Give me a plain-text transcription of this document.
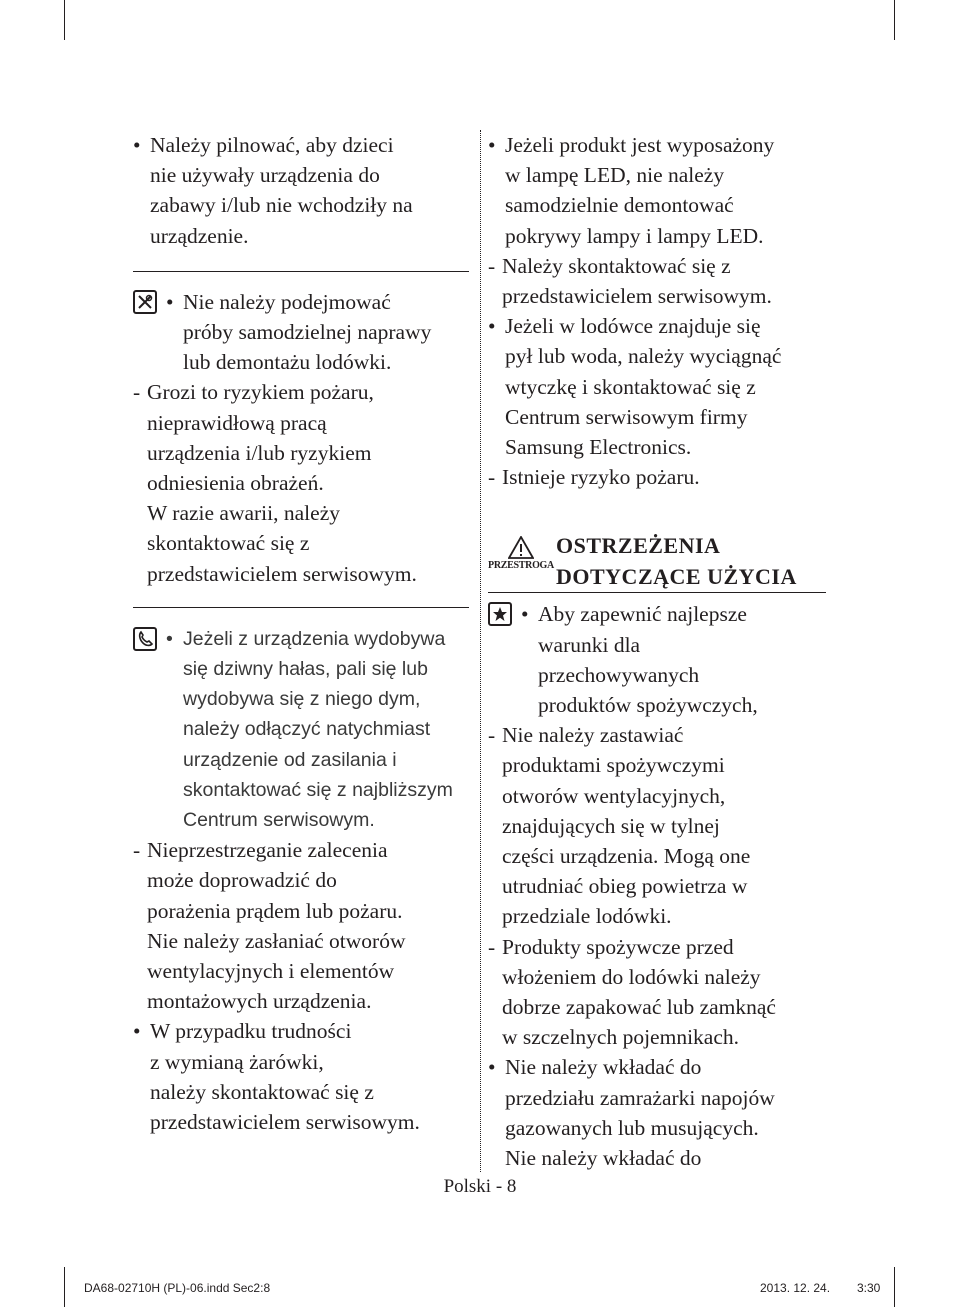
• Należy pilnować, aby dzieci
nie używały urządzenia do
zabawy i/lub nie wchodziły na
urządzenie.
• Nie należy podejmować
próby samodzielnej naprawy
lub demontażu lodówki.
- Grozi to ryzykiem pożaru,
nieprawidłową pracą
urządzenia i/lub ryzykiem
odniesienia obrażeń.
W razie awarii, należy
skontaktować się z
przedstawicielem serwisowym.
• Jeżeli z urządzenia wydobywa
się dziwny hałas, pali się lub
wydobywa się z niego dym,
należy odłączyć natychmiast
urządzenie od zasilania i
skontaktować się z najbliższym
Centrum serwisowym.
- Nieprzestrzeganie zalecenia
może doprowadzić do
porażenia prądem lub pożaru.
Nie należy zasłaniać otworów
wentylacyjnych i elementów
montażowych urządzenia.
• W przypadku trudności
z wymianą żarówki,
należy skontaktować się z
przedstawicielem serwisowym.
• Jeżeli produkt jest wyposażony
w lampę LED, nie należy
samodzielnie demontować
pokrywy lampy i lampy LED.
- Należy skontaktować się z
przedstawicielem serwisowym.
• Jeżeli w lodówce znajduje się
pył lub woda, należy wyciągnąć
wtyczkę i skontaktować się z
Centrum serwisowym firmy
Samsung Electronics.
- Istnieje ryzyko pożaru.
PRZESTROGA
OSTRZEŻENIA
DOTYCZĄCE UŻYCIA
• Aby zapewnić najlepsze
warunki dla
przechowywanych
produktów spożywczych,
- Nie należy zastawiać
produktami spożywczymi
otworów wentylacyjnych,
znajdujących się w tylnej
części urządzenia. Mogą one
utrudniać obieg powietrza w
przedziale lodówki.
- Produkty spożywcze przed
włożeniem do lodówki należy
dobrze zapakować lub zamknąć
w szczelnych pojemnikach.
• Nie należy wkładać do
przedziału zamrażarki napojów
gazowanych lub musujących.
Nie należy wkładać do
Polski - 8
DA68-02710H (PL)-06.indd Sec2:8	2013. 12. 24. 3:30
